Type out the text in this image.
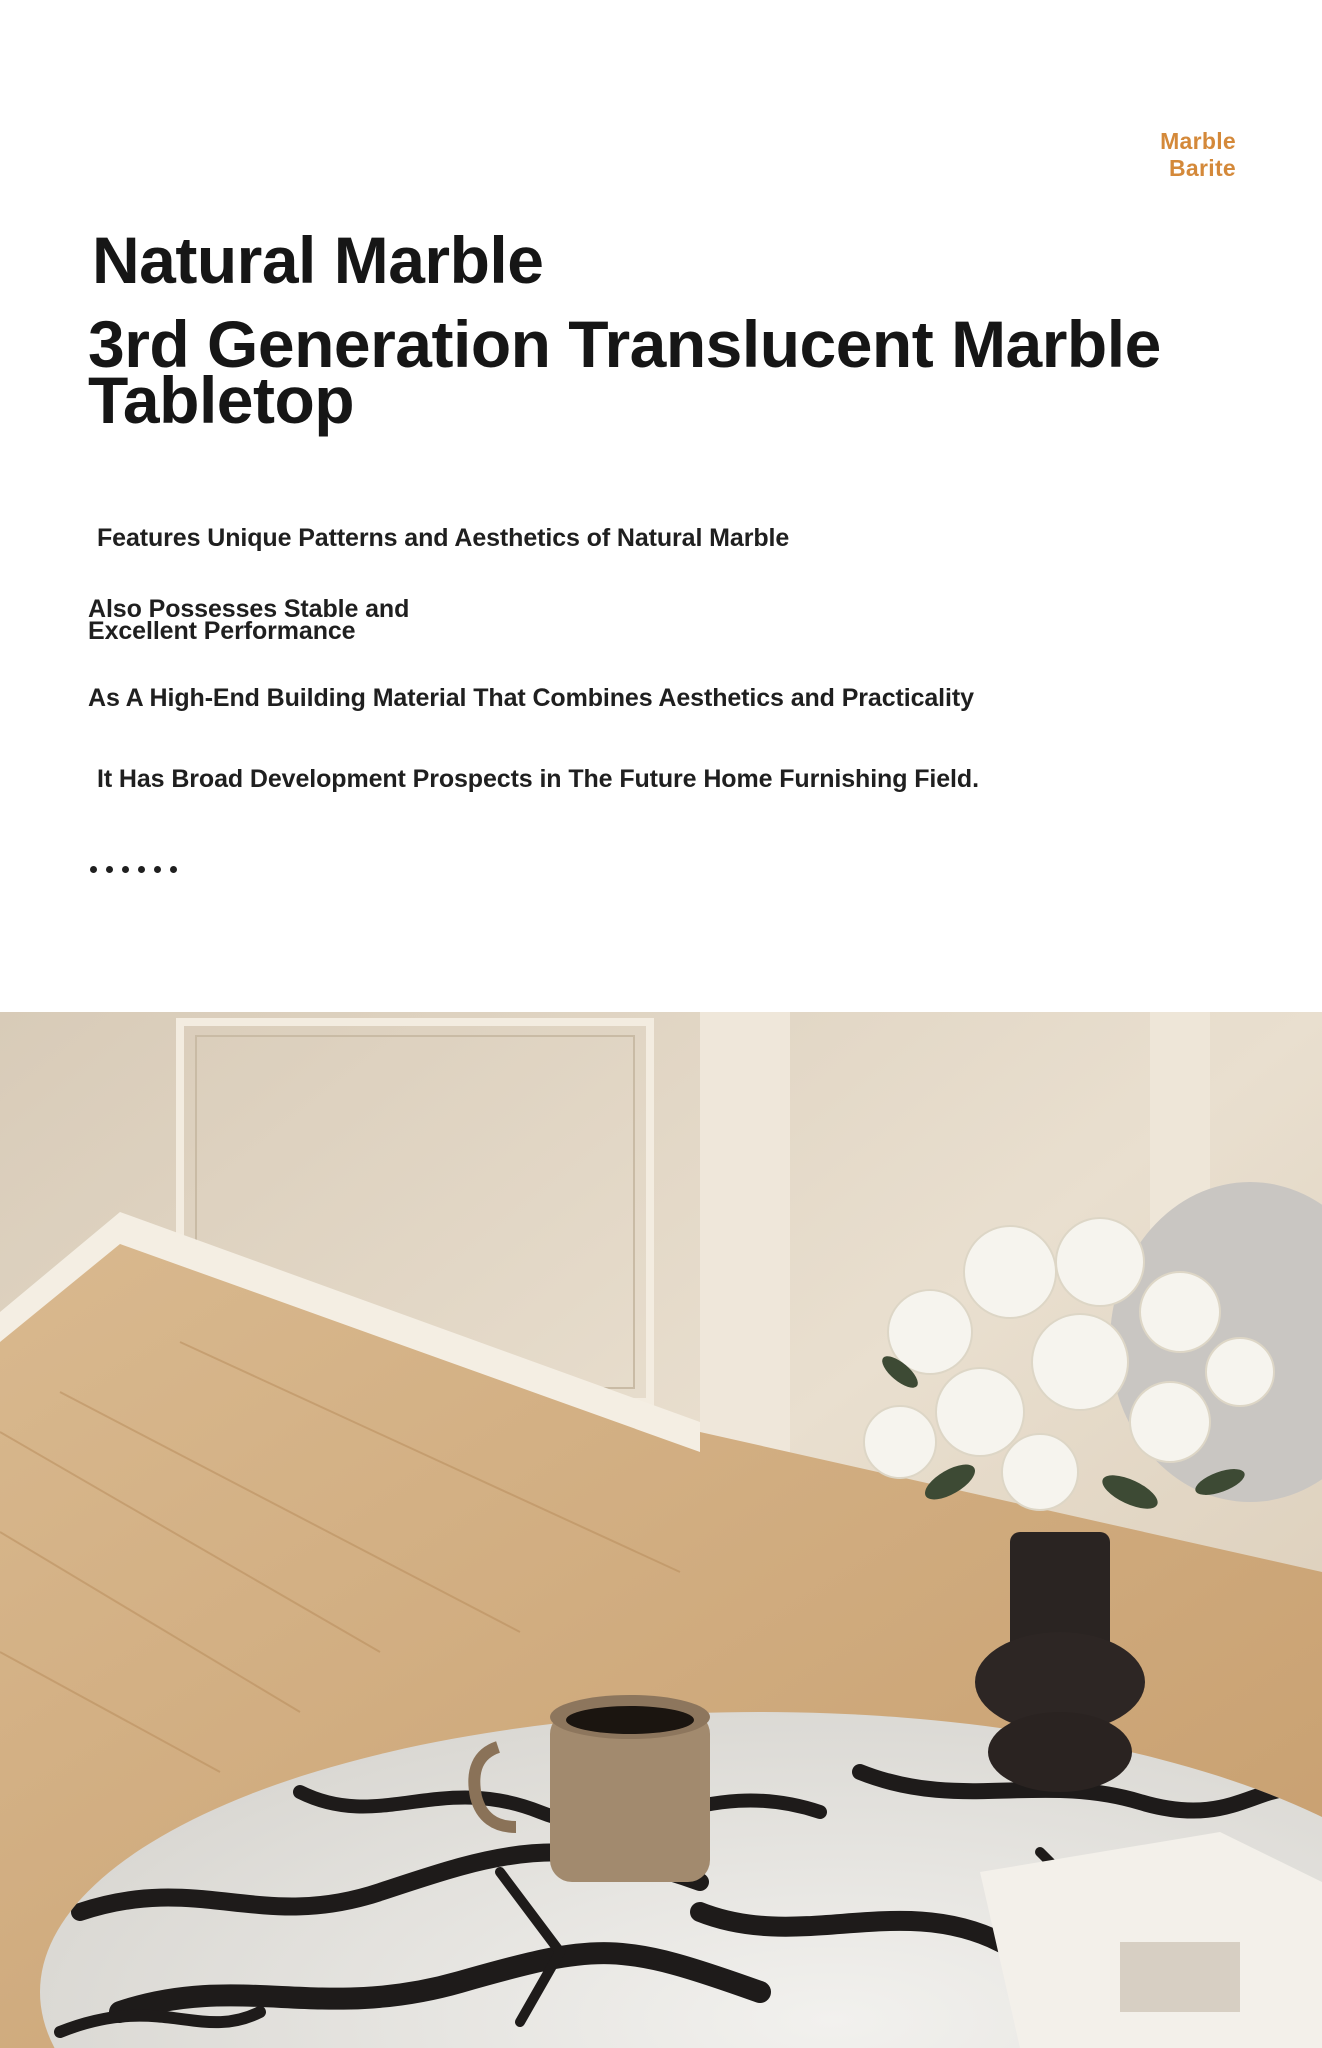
Marble
Barite
Natural Marble
3rd Generation Translucent Marble Tabletop

Features Unique Patterns and Aesthetics of Natural Marble

Also Possesses Stable and Excellent Performance

As A High-End Building Material That Combines Aesthetics and Practicality

It Has Broad Development Prospects in The Future Home Furnishing Field.
